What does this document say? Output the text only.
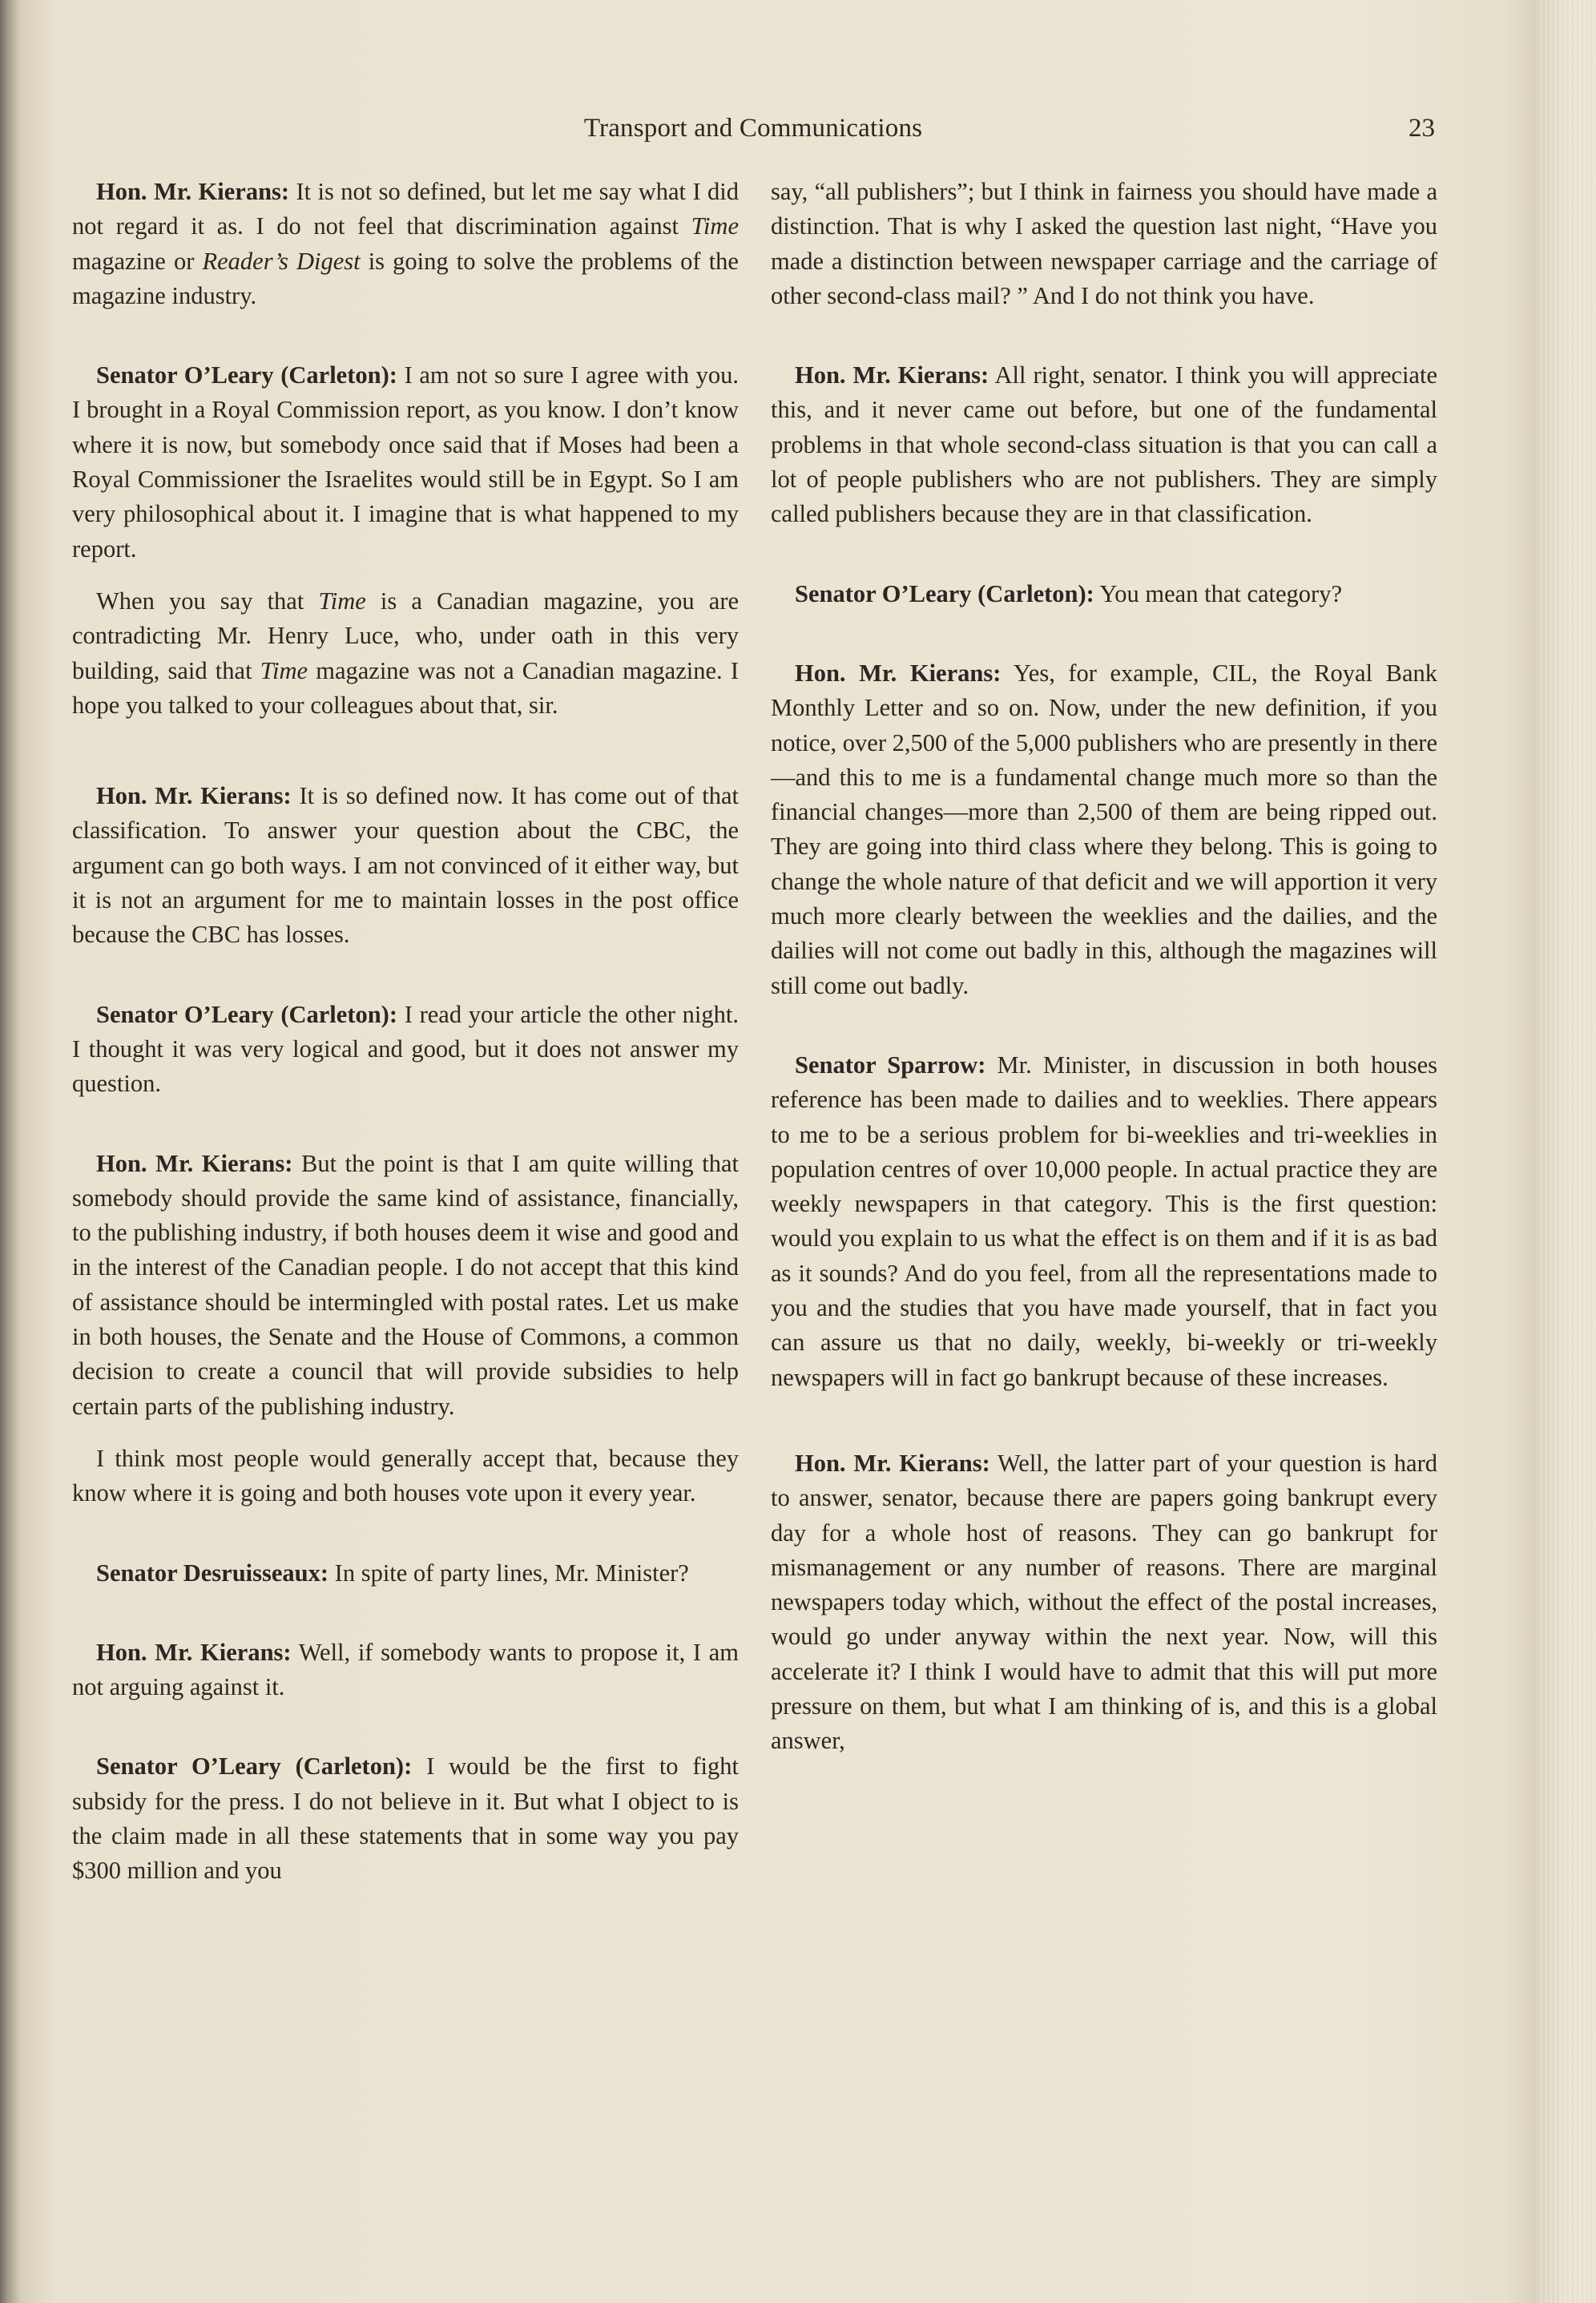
Transport and Communications	23

Hon. Mr. Kierans: It is not so defined, but let me say what I did not regard it as. I do not feel that discrimination against Time magazine or Reader’s Digest is going to solve the problems of the magazine industry.

Senator O’Leary (Carleton): I am not so sure I agree with you. I brought in a Royal Commission report, as you know. I don’t know where it is now, but somebody once said that if Moses had been a Royal Commissioner the Israelites would still be in Egypt. So I am very philosophical about it. I imagine that is what happened to my report.

When you say that Time is a Canadian magazine, you are contradicting Mr. Henry Luce, who, under oath in this very building, said that Time magazine was not a Canadian magazine. I hope you talked to your colleagues about that, sir.

Hon. Mr. Kierans: It is so defined now. It has come out of that classification. To answer your question about the CBC, the argument can go both ways. I am not convinced of it either way, but it is not an argument for me to maintain losses in the post office because the CBC has losses.

Senator O’Leary (Carleton): I read your article the other night. I thought it was very logical and good, but it does not answer my question.

Hon. Mr. Kierans: But the point is that I am quite willing that somebody should provide the same kind of assistance, financially, to the publishing industry, if both houses deem it wise and good and in the interest of the Canadian people. I do not accept that this kind of assistance should be intermingled with postal rates. Let us make in both houses, the Senate and the House of Commons, a common decision to create a council that will provide subsidies to help certain parts of the publishing industry.

I think most people would generally accept that, because they know where it is going and both houses vote upon it every year.

Senator Desruisseaux: In spite of party lines, Mr. Minister?

Hon. Mr. Kierans: Well, if somebody wants to propose it, I am not arguing against it.

Senator O’Leary (Carleton): I would be the first to fight subsidy for the press. I do not believe in it. But what I object to is the claim made in all these statements that in some way you pay $300 million and you

say, “all publishers”; but I think in fairness you should have made a distinction. That is why I asked the question last night, “Have you made a distinction between newspaper carriage and the carriage of other second-class mail? ” And I do not think you have.

Hon. Mr. Kierans: All right, senator. I think you will appreciate this, and it never came out before, but one of the fundamental problems in that whole second-class situation is that you can call a lot of people publishers who are not publishers. They are simply called publishers because they are in that classification.

Senator O’Leary (Carleton): You mean that category?

Hon. Mr. Kierans: Yes, for example, CIL, the Royal Bank Monthly Letter and so on. Now, under the new definition, if you notice, over 2,500 of the 5,000 publishers who are presently in there—and this to me is a fundamental change much more so than the financial changes—more than 2,500 of them are being ripped out. They are going into third class where they belong. This is going to change the whole nature of that deficit and we will apportion it very much more clearly between the weeklies and the dailies, and the dailies will not come out badly in this, although the magazines will still come out badly.

Senator Sparrow: Mr. Minister, in discussion in both houses reference has been made to dailies and to weeklies. There appears to me to be a serious problem for bi-weeklies and tri-weeklies in population centres of over 10,000 people. In actual practice they are weekly newspapers in that category. This is the first question: would you explain to us what the effect is on them and if it is as bad as it sounds? And do you feel, from all the representations made to you and the studies that you have made yourself, that in fact you can assure us that no daily, weekly, bi-weekly or tri-weekly newspapers will in fact go bankrupt because of these increases.

Hon. Mr. Kierans: Well, the latter part of your question is hard to answer, senator, because there are papers going bankrupt every day for a whole host of reasons. They can go bankrupt for mismanagement or any number of reasons. There are marginal newspapers today which, without the effect of the postal increases, would go under anyway within the next year. Now, will this accelerate it? I think I would have to admit that this will put more pressure on them, but what I am thinking of is, and this is a global answer,
